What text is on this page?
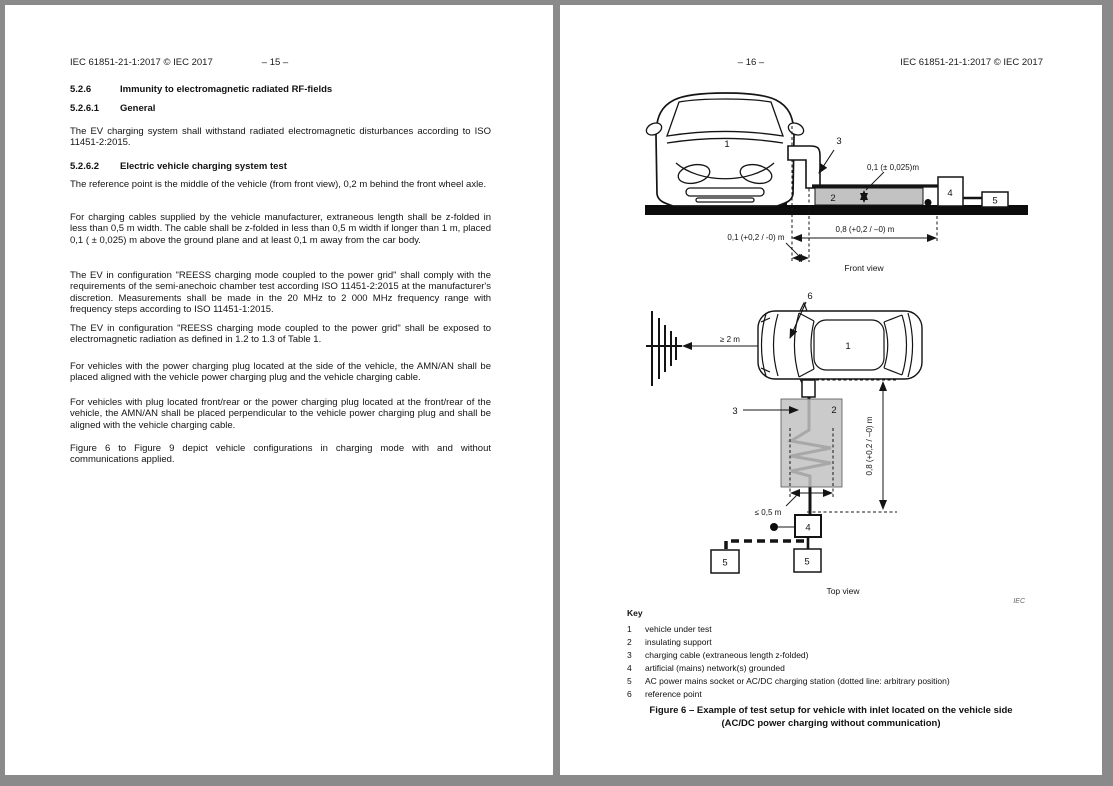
IEC 61851-21-1:2017 © IEC 2017	– 15 –
5.2.6	Immunity to electromagnetic radiated RF-fields
5.2.6.1	General
The EV charging system shall withstand radiated electromagnetic disturbances according to ISO 11451-2:2015.
5.2.6.2	Electric vehicle charging system test
The reference point is the middle of the vehicle (from front view), 0,2 m behind the front wheel axle.
For charging cables supplied by the vehicle manufacturer, extraneous length shall be z-folded in less than 0,5 m width. The cable shall be z-folded in less than 0,5 m width if longer than 1 m, placed 0,1 ( ± 0,025) m above the ground plane and at least 0,1 m away from the car body.
The EV in configuration "REESS charging mode coupled to the power grid" shall comply with the requirements of the semi-anechoic chamber test according ISO 11451-2:2015 at the manufacturer's discretion. Measurements shall be made in the 20 MHz to 2 000 MHz frequency range with frequency steps according to ISO 11451-1:2015.
The EV in configuration "REESS charging mode coupled to the power grid" shall be exposed to electromagnetic radiation as defined in 1.2 to 1.3 of Table 1.
For vehicles with the power charging plug located at the side of the vehicle, the AMN/AN shall be placed aligned with the vehicle power charging plug and the vehicle charging cable.
For vehicles with plug located front/rear or the power charging plug located at the front/rear of the vehicle, the AMN/AN shall be placed perpendicular to the vehicle power charging plug and shall be aligned with the vehicle charging cable.
Figure 6 to Figure 9 depict vehicle configurations in charging mode with and without communications applied.
– 16 –	IEC 61851-21-1:2017 © IEC 2017
1
2	4
5
3
0,1 (± 0,025)m
0,8 (+0,2 / –0) m
0,1 (+0,2 / -0) m
Front view
≥ 2 m
1
6
2
3
0,8 (+0,2 / –0) m
≤ 0,5 m
4
5	5
Top view
IEC
Key
1	vehicle under test
2	insulating support
3	charging cable (extraneous length z-folded)
4	artificial (mains) network(s) grounded
5	AC power mains socket or AC/DC charging station (dotted line: arbitrary position)
6	reference point
Figure 6 – Example of test setup for vehicle with inlet located on the vehicle side
(AC/DC power charging without communication)
